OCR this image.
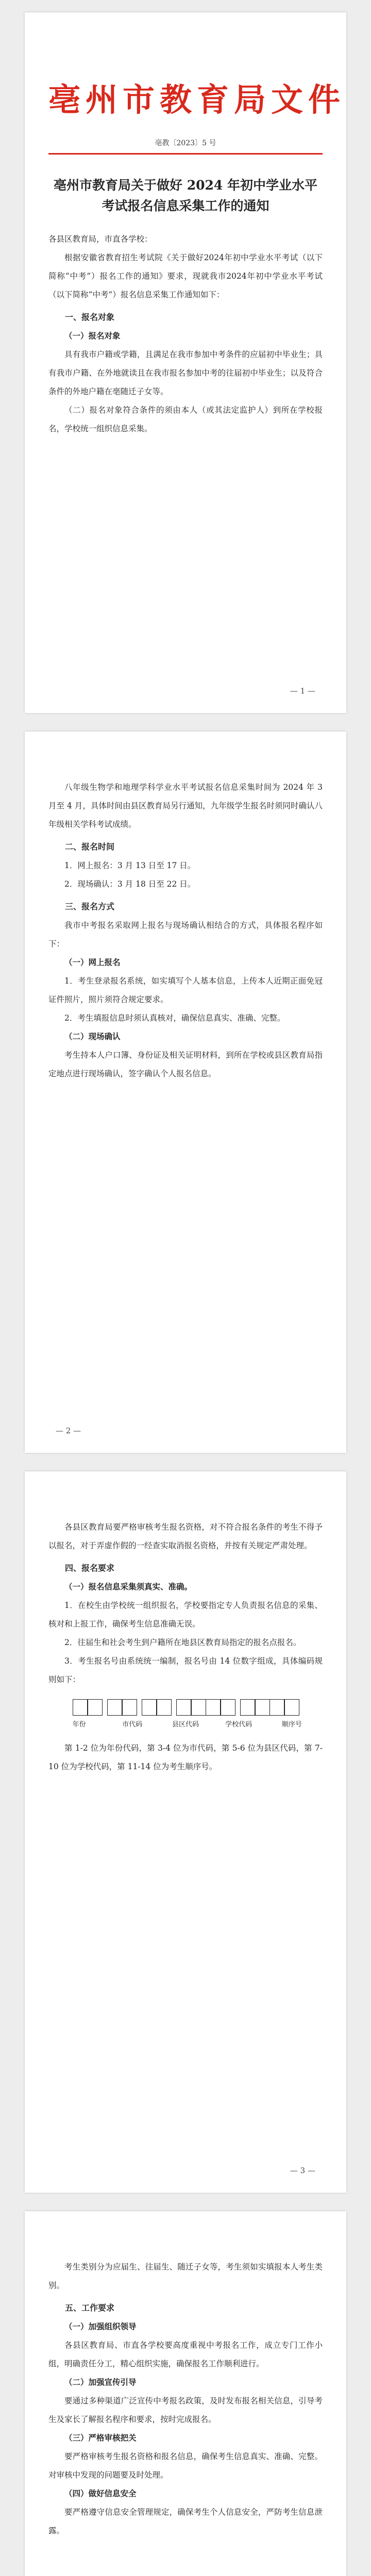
亳州市教育局文件
亳教〔2023〕5 号
亳州市教育局关于做好 2024 年初中学业水平
考试报名信息采集工作的通知

各县区教育局，市直各学校：

根据安徽省教育招生考试院《关于做好2024年初中学业水平考试（以下简称“中考”）报名工作的通知》要求，现就我市2024年初中学业水平考试（以下简称“中考”）报名信息采集工作通知如下：

一、报名对象
（一）报名对象

具有我市户籍或学籍，且满足在我市参加中考条件的应届初中毕业生；具有我市户籍、在外地就读且在我市报名参加中考的往届初中毕业生；以及符合条件的外地户籍在亳随迁子女等。

（二）报名对象符合条件的须由本人（或其法定监护人）到所在学校报名，学校统一组织信息采集。

— 1 —

八年级生物学和地理学科学业水平考试报名信息采集时间为 2024 年 3 月至 4 月，具体时间由县区教育局另行通知，九年级学生报名时须同时确认八年级相关学科考试成绩。

二、报名时间

1．网上报名：3 月 13 日至 17 日。

2．现场确认：3 月 18 日至 22 日。

三、报名方式

我市中考报名采取网上报名与现场确认相结合的方式，具体报名程序如下：

（一）网上报名

1．考生登录报名系统，如实填写个人基本信息，上传本人近期正面免冠证件照片，照片须符合规定要求。

2．考生填报信息时须认真核对，确保信息真实、准确、完整。

（二）现场确认

考生持本人户口簿、身份证及相关证明材料，到所在学校或县区教育局指定地点进行现场确认，签字确认个人报名信息。

— 2 —

各县区教育局要严格审核考生报名资格，对不符合报名条件的考生不得予以报名，对于弄虚作假的一经查实取消报名资格，并按有关规定严肃处理。

四、报名要求
（一）报名信息采集须真实、准确。

1．在校生由学校统一组织报名，学校要指定专人负责报名信息的采集、核对和上报工作，确保考生信息准确无误。

2．往届生和社会考生到户籍所在地县区教育局指定的报名点报名。

3．考生报名号由系统统一编制，报名号由 14 位数字组成，具体编码规则如下：

年份	市代码	县区代码	学校代码	顺序号

第 1-2 位为年份代码，第 3-4 位为市代码，第 5-6 位为县区代码，第 7-10 位为学校代码，第 11-14 位为考生顺序号。

— 3 —

考生类别分为应届生、往届生、随迁子女等，考生须如实填报本人考生类别。

五、工作要求
（一）加强组织领导

各县区教育局、市直各学校要高度重视中考报名工作，成立专门工作小组，明确责任分工，精心组织实施，确保报名工作顺利进行。

（二）加强宣传引导

要通过多种渠道广泛宣传中考报名政策，及时发布报名相关信息，引导考生及家长了解报名程序和要求，按时完成报名。

（三）严格审核把关

要严格审核考生报名资格和报名信息，确保考生信息真实、准确、完整。对审核中发现的问题要及时处理。

（四）做好信息安全

要严格遵守信息安全管理规定，确保考生个人信息安全，严防考生信息泄露。
